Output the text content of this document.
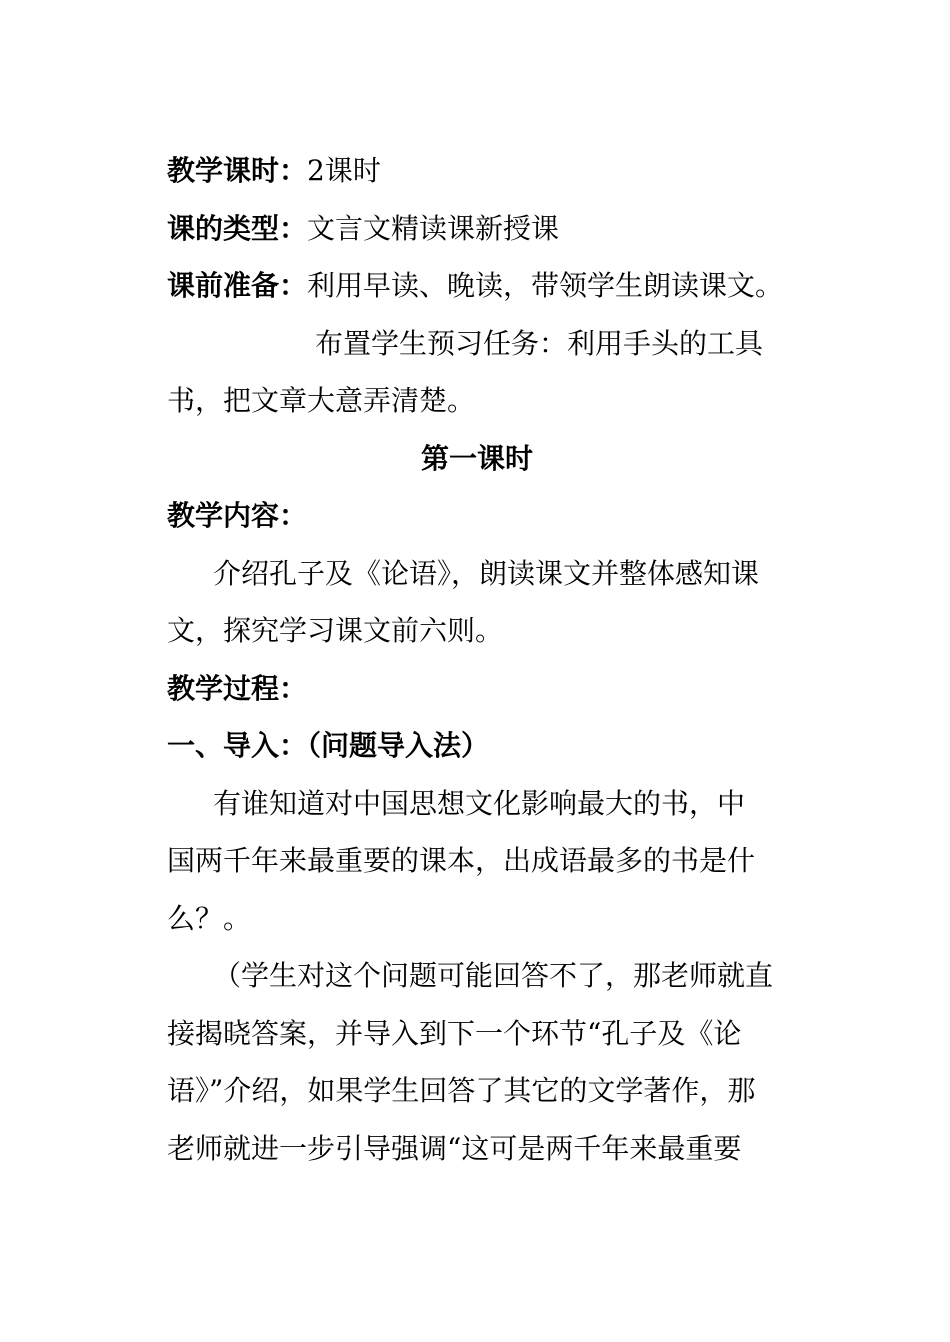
教学课时：2课时
课的类型：文言文精读课新授课
课前准备：利用早读、晚读，带领学生朗读课文。
布置学生预习任务：利用手头的工具
书，把文章大意弄清楚。
第一课时
教学内容：
介绍孔子及《论语》，朗读课文并整体感知课
文，探究学习课文前六则。
教学过程：
一、导入：（问题导入法）
有谁知道对中国思想文化影响最大的书，中
国两千年来最重要的课本，出成语最多的书是什
么？。
（学生对这个问题可能回答不了，那老师就直
接揭晓答案，并导入到下一个环节“孔子及《论
语》”介绍，如果学生回答了其它的文学著作，那
老师就进一步引导强调“这可是两千年来最重要
